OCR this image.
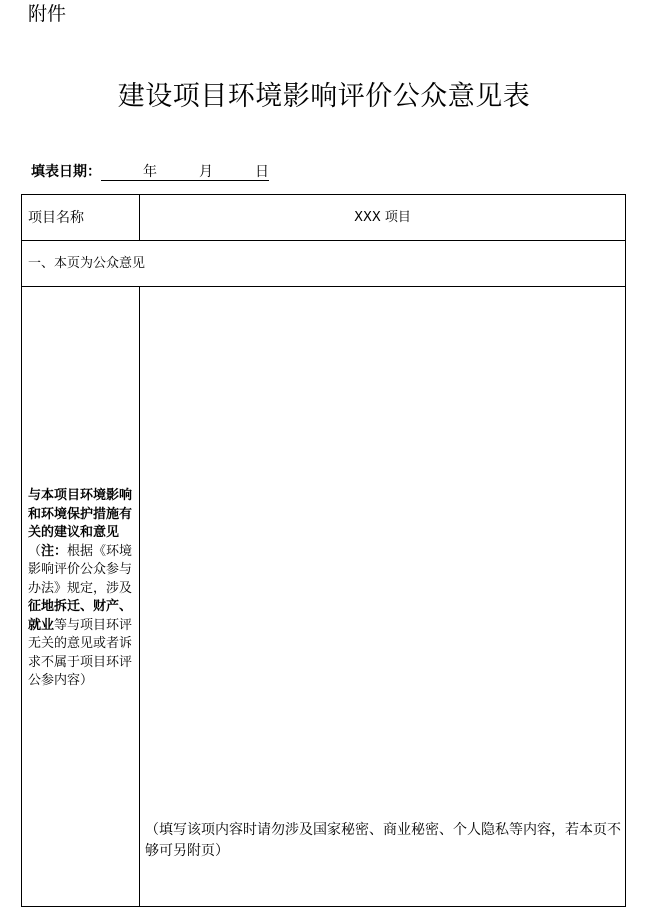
附件
建设项目环境影响评价公众意见表
填表日期：	年	月	日
项目名称	XXX 项目
一、本页为公众意见
与本项目环境影响和环境保护措施有关的建议和意见（注：根据《环境影响评价公众参与办法》规定，涉及征地拆迁、财产、就业等与项目环评无关的意见或者诉求不属于项目环评公参内容）
（填写该项内容时请勿涉及国家秘密、商业秘密、个人隐私等内容，若本页不够可另附页）
